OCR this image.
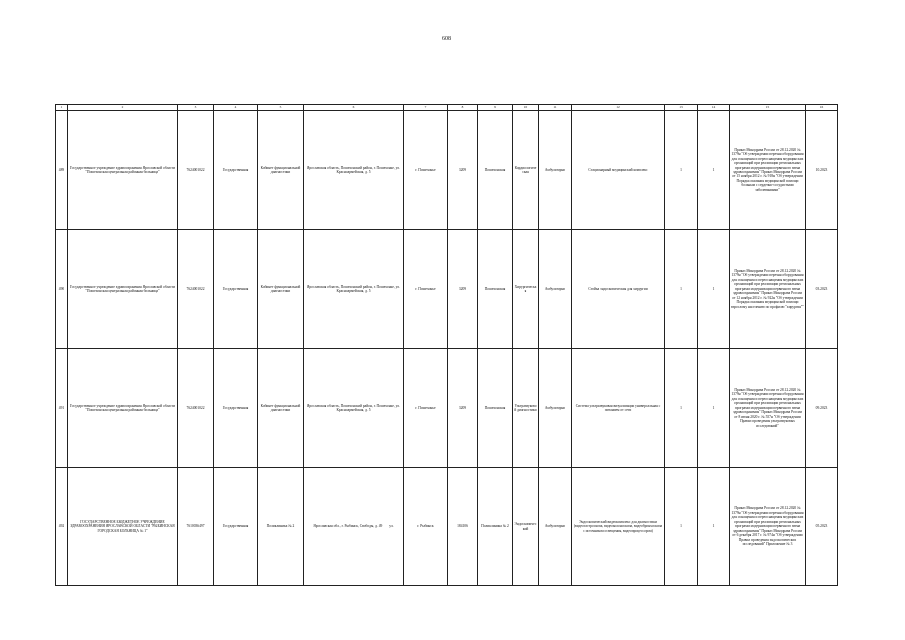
608
1	2	3	4	5	6	7	8	9	10	11	12	13	14	15	16
489	Государственное учреждение здравоохранения Ярославской области "Пошехонская центральная районная больница"	7624001022	Государственная	Кабинет функциональной диагностики	Ярославская область, Пошехонский район, г. Пошехонье, ул. Красноармейская, д. 5	г. Пошехонье	3209	Пошехонская	Кардиологическая	Амбулаторно	Стационарный медицинский комплекс	1	1	Приказ Минздрава России от 28.12.2020 № 1379н "Об утверждении перечня оборудования для оснащения и переоснащения медицинских организаций при реализации региональных программ модернизации первичного звена здравоохранения" Приказ Минздрава России от 15 ноября 2012 г. № 918н "Об утверждении Порядка оказания медицинской помощи больным с сердечно-сосудистыми заболеваниями"	10.2023
490	Государственное учреждение здравоохранения Ярославской области "Пошехонская центральная районная больница"	7624001022	Государственная	Кабинет функциональной диагностики	Ярославская область, Пошехонский район, г. Пошехонье, ул. Красноармейская, д. 5	г. Пошехонье	3209	Пошехонская	Хирургическая	Амбулаторно	Стойка эндоскопическая для хирургии	1	1	Приказ Минздрава России от 28.12.2020 № 1379н "Об утверждении перечня оборудования для оснащения и переоснащения медицинских организаций при реализации региональных программ модернизации первичного звена здравоохранения" Приказ Минздрава России от 12 ноября 2012 г. № 922н "Об утверждении Порядка оказания медицинской помощи взрослому населению по профилю "хирургия""	03.2023
491	Государственное учреждение здравоохранения Ярославской области "Пошехонская центральная районная больница"	7624001022	Государственная	Кабинет функциональной диагностики	Ярославская область, Пошехонский район, г. Пошехонье, ул. Красноармейская, д. 5	г. Пошехонье	3209	Пошехонская	Ультразвуковой диагностики	Амбулаторно	Система ультразвуковая визуализации универсальная с питанием от сети	1	1	Приказ Минздрава России от 28.12.2020 № 1379н "Об утверждении перечня оборудования для оснащения и переоснащения медицинских организаций при реализации региональных программ модернизации первичного звена здравоохранения" Приказ Минздрава России от 8 июня 2020 г. № 557н "Об утверждении Правил проведения ультразвуковых исследований"	09.2023
492	ГОСУДАРСТВЕННОЕ БЮДЖЕТНОЕ УЧРЕЖДЕНИЕ ЗДРАВООХРАНЕНИЯ ЯРОСЛАВСКОЙ ОБЛАСТИ "РЫБИНСКАЯ ГОРОДСКАЯ БОЛЬНИЦА № 1"	7610036497	Государственная	Поликлиника № 2	Ярославская обл., г. Рыбинск, Свободы, д. 49 ул.	г. Рыбинск	184106	Поликлиника № 2	Эндоскопический	Амбулаторно	Эндоскопический видеокомплекс для диагностики (видеогастроскопа, видеоколоноскопа, видеобронхоскопа с источником освещения, видеопроцессором)	1	1	Приказ Минздрава России от 28.12.2020 № 1379н "Об утверждении перечня оборудования для оснащения и переоснащения медицинских организаций при реализации региональных программ модернизации первичного звена здравоохранения" Приказ Минздрава России от 6 декабря 2017 г. № 974н "Об утверждении Правил проведения эндоскопических исследований" Приложение № 3	05.2023
